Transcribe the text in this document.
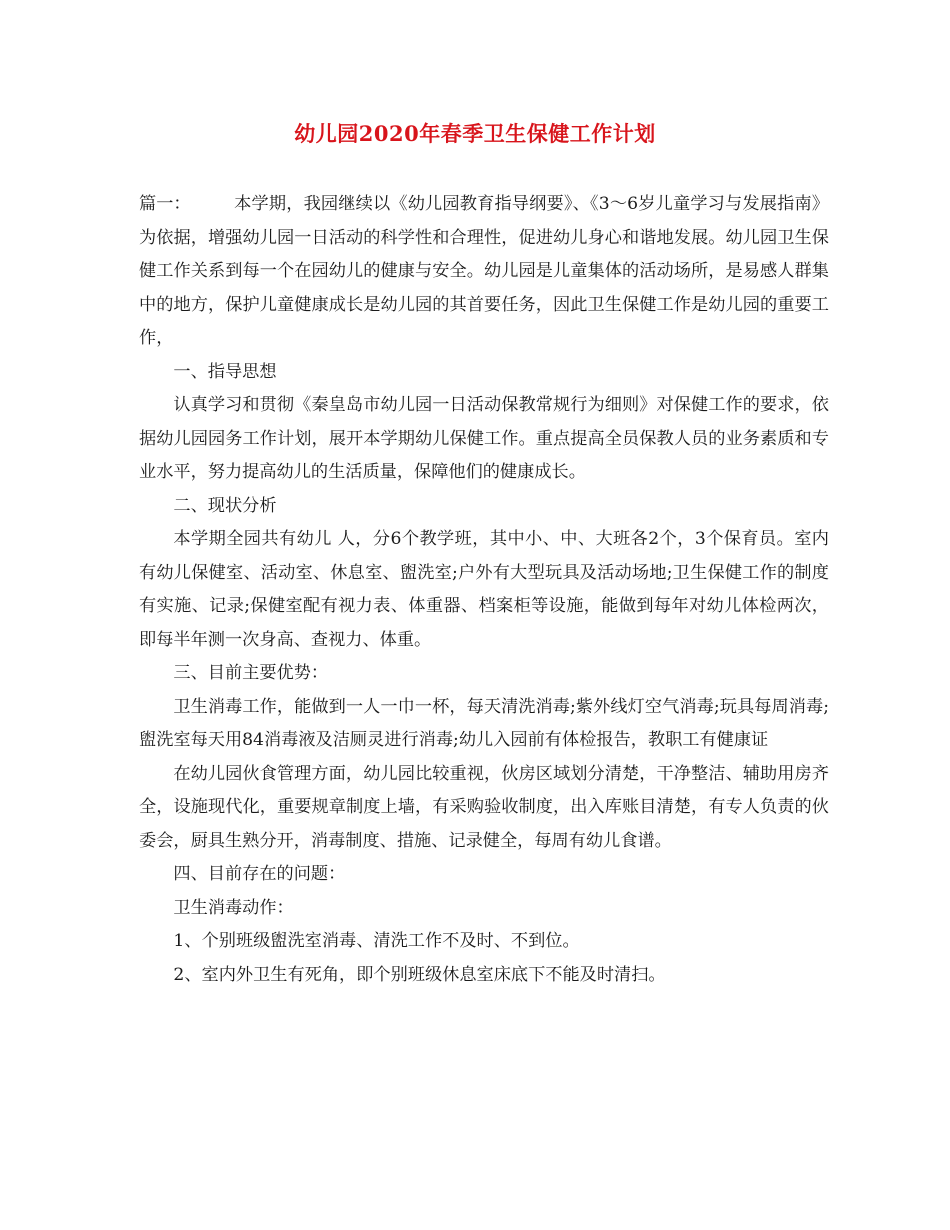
幼儿园2020年春季卫生保健工作计划

篇一：	本学期，我园继续以《幼儿园教育指导纲要》、《3～6岁儿童学习与发展指南》为依据，增强幼儿园一日活动的科学性和合理性，促进幼儿身心和谐地发展。幼儿园卫生保健工作关系到每一个在园幼儿的健康与安全。幼儿园是儿童集体的活动场所，是易感人群集中的地方，保护儿童健康成长是幼儿园的其首要任务，因此卫生保健工作是幼儿园的重要工作，

一、指导思想

认真学习和贯彻《秦皇岛市幼儿园一日活动保教常规行为细则》对保健工作的要求，依据幼儿园园务工作计划，展开本学期幼儿保健工作。重点提高全员保教人员的业务素质和专业水平，努力提高幼儿的生活质量，保障他们的健康成长。

二、现状分析

本学期全园共有幼儿 人，分6个教学班，其中小、中、大班各2个，3个保育员。室内有幼儿保健室、活动室、休息室、盥洗室;户外有大型玩具及活动场地;卫生保健工作的制度有实施、记录;保健室配有视力表、体重器、档案柜等设施，能做到每年对幼儿体检两次，即每半年测一次身高、查视力、体重。

三、目前主要优势：

卫生消毒工作，能做到一人一巾一杯，每天清洗消毒;紫外线灯空气消毒;玩具每周消毒;盥洗室每天用84消毒液及洁厕灵进行消毒;幼儿入园前有体检报告，教职工有健康证

在幼儿园伙食管理方面，幼儿园比较重视，伙房区域划分清楚，干净整洁、辅助用房齐全，设施现代化，重要规章制度上墙，有采购验收制度，出入库账目清楚，有专人负责的伙委会，厨具生熟分开，消毒制度、措施、记录健全，每周有幼儿食谱。

四、目前存在的问题：

卫生消毒动作：

1、个别班级盥洗室消毒、清洗工作不及时、不到位。

2、室内外卫生有死角，即个别班级休息室床底下不能及时清扫。
